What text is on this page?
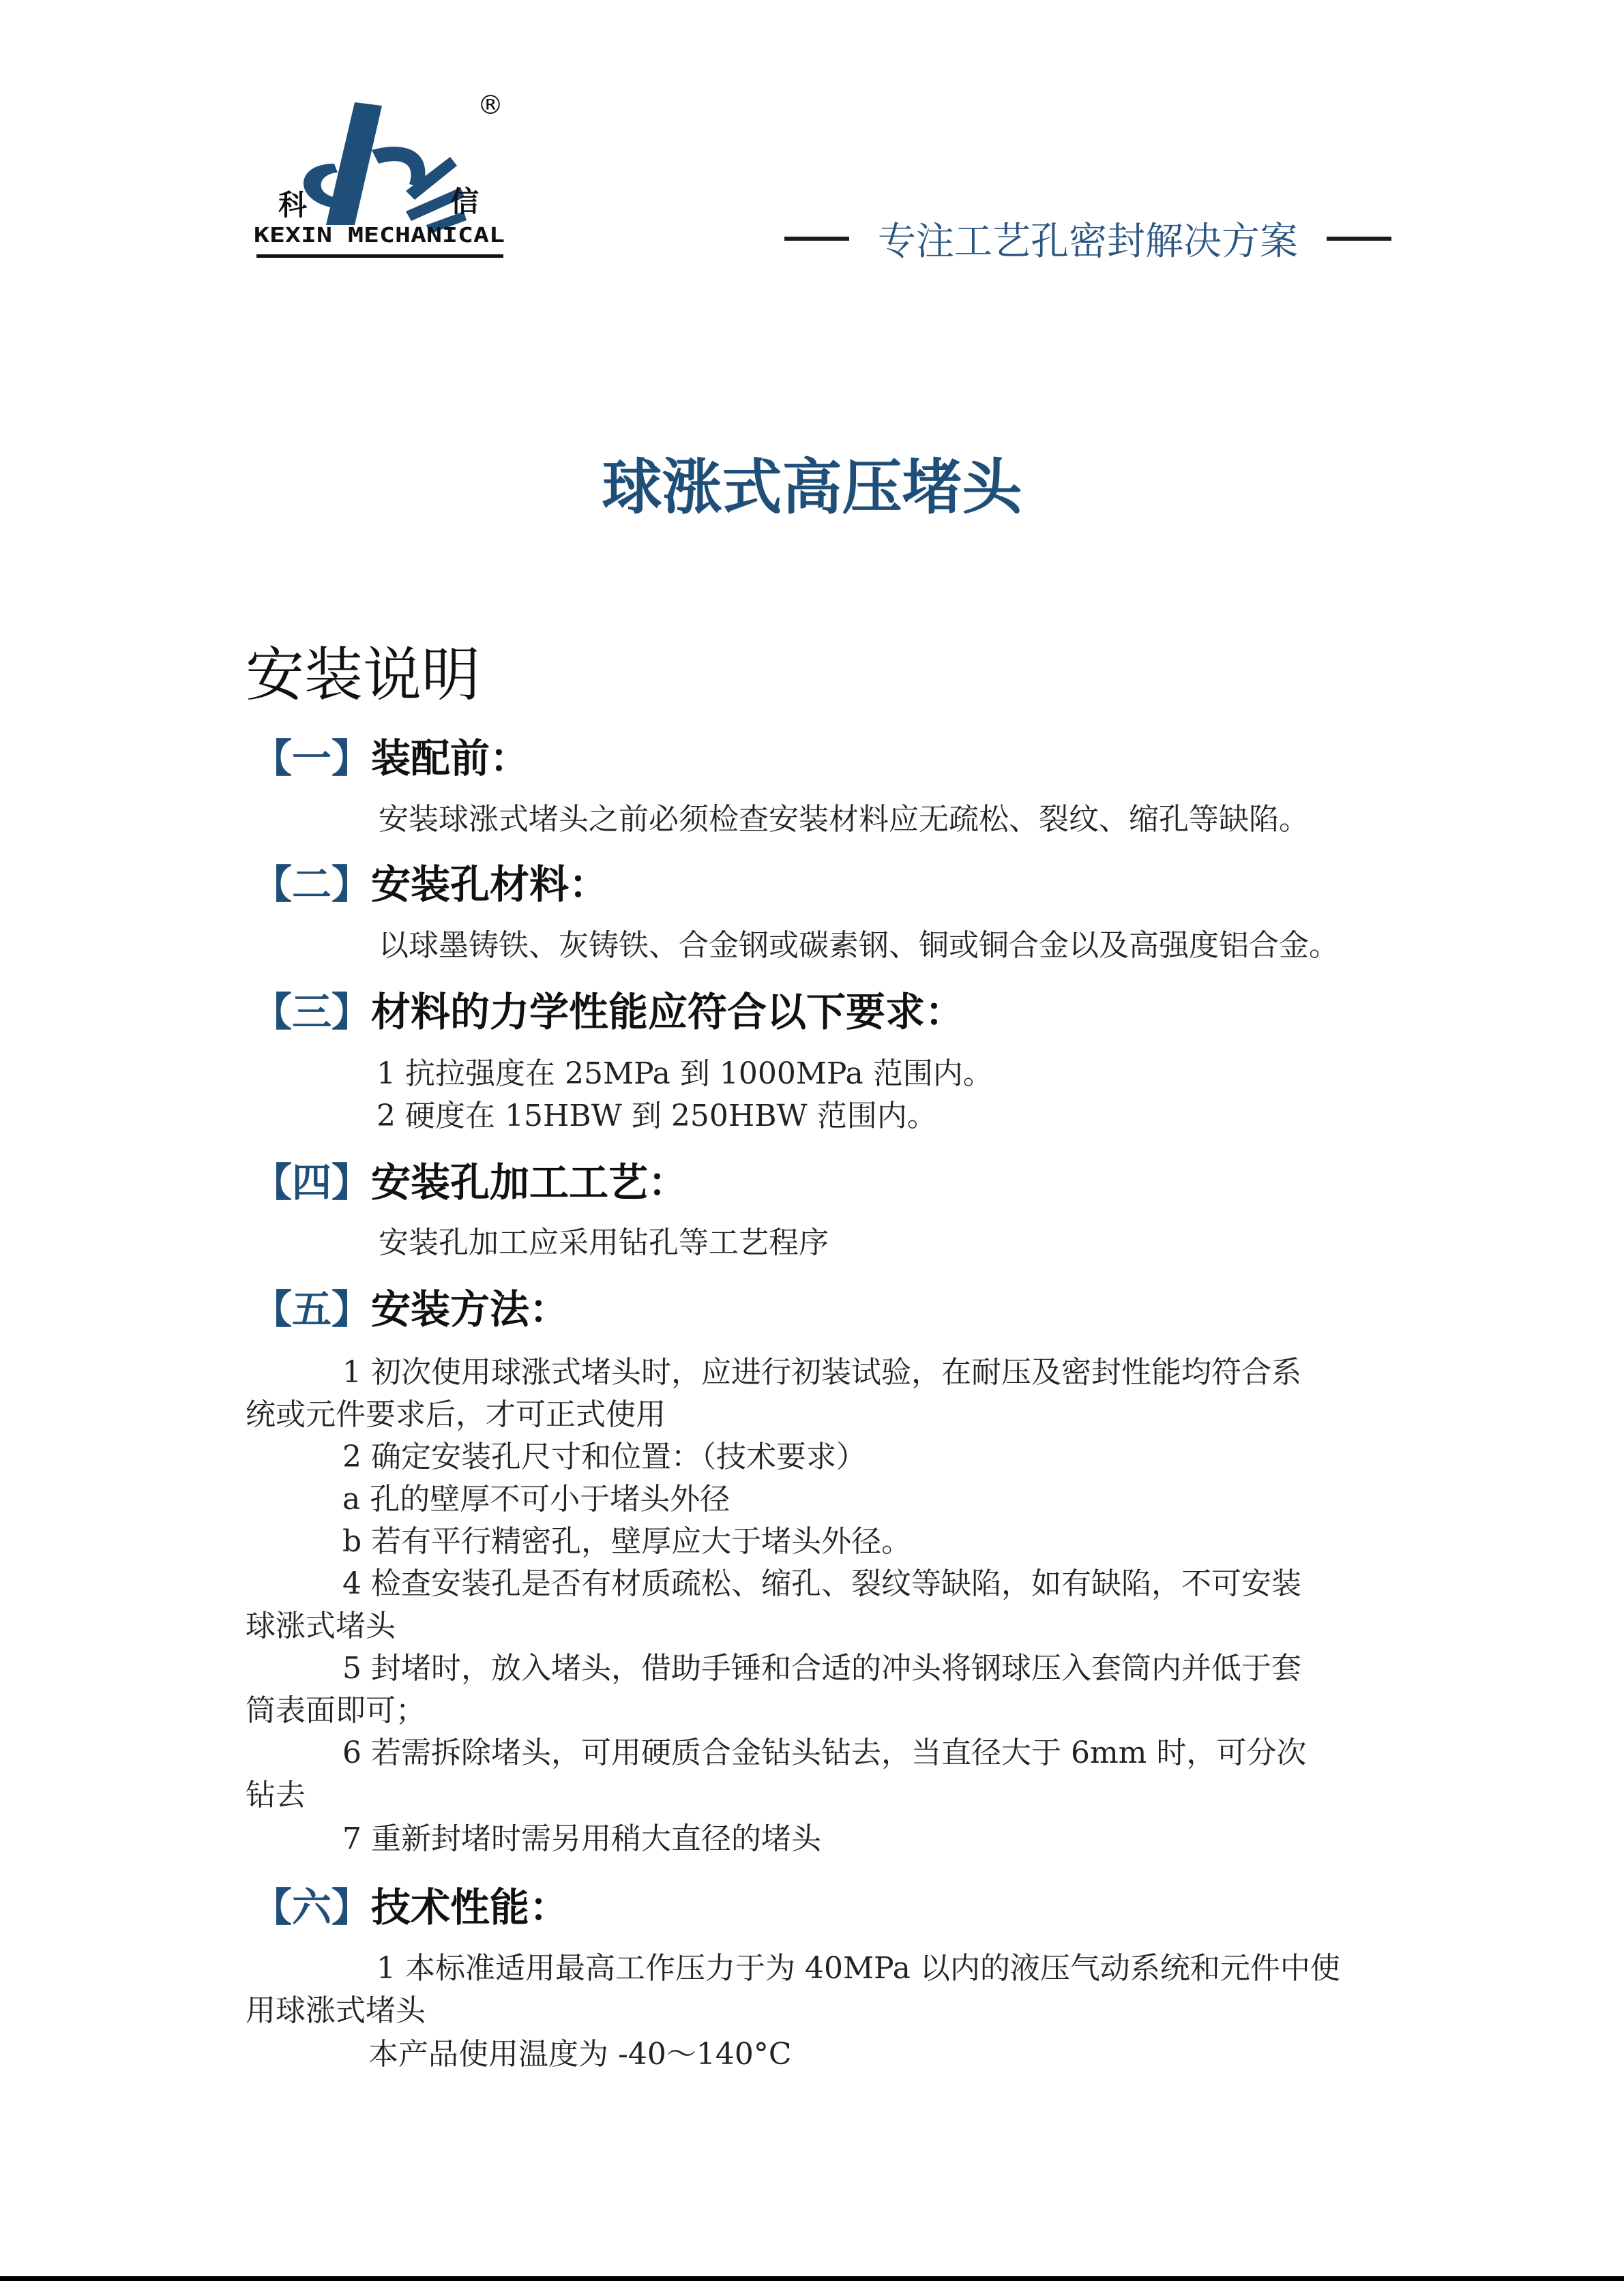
®
科	信
KEXIN MECHANICAL	专注工艺孔密封解决方案
球涨式高压堵头
安装说明
【一】装配前：
安装球涨式堵头之前必须检查安装材料应无疏松、裂纹、缩孔等缺陷。
【二】安装孔材料：
以球墨铸铁、灰铸铁、合金钢或碳素钢、铜或铜合金以及高强度铝合金。
【三】材料的力学性能应符合以下要求：
1 抗拉强度在 25MPa 到 1000MPa 范围内。
2 硬度在 15HBW 到 250HBW 范围内。
【四】安装孔加工工艺：
安装孔加工应采用钻孔等工艺程序
【五】安装方法：
1 初次使用球涨式堵头时，应进行初装试验，在耐压及密封性能均符合系
统或元件要求后，才可正式使用
2 确定安装孔尺寸和位置：（技术要求）
a 孔的壁厚不可小于堵头外径
b 若有平行精密孔，壁厚应大于堵头外径。
4 检查安装孔是否有材质疏松、缩孔、裂纹等缺陷，如有缺陷，不可安装
球涨式堵头
5 封堵时，放入堵头，借助手锤和合适的冲头将钢球压入套筒内并低于套
筒表面即可；
6 若需拆除堵头，可用硬质合金钻头钻去，当直径大于 6mm 时，可分次
钻去
7 重新封堵时需另用稍大直径的堵头
【六】技术性能：
1 本标准适用最高工作压力于为 40MPa 以内的液压气动系统和元件中使
用球涨式堵头
本产品使用温度为 -40～140°C
